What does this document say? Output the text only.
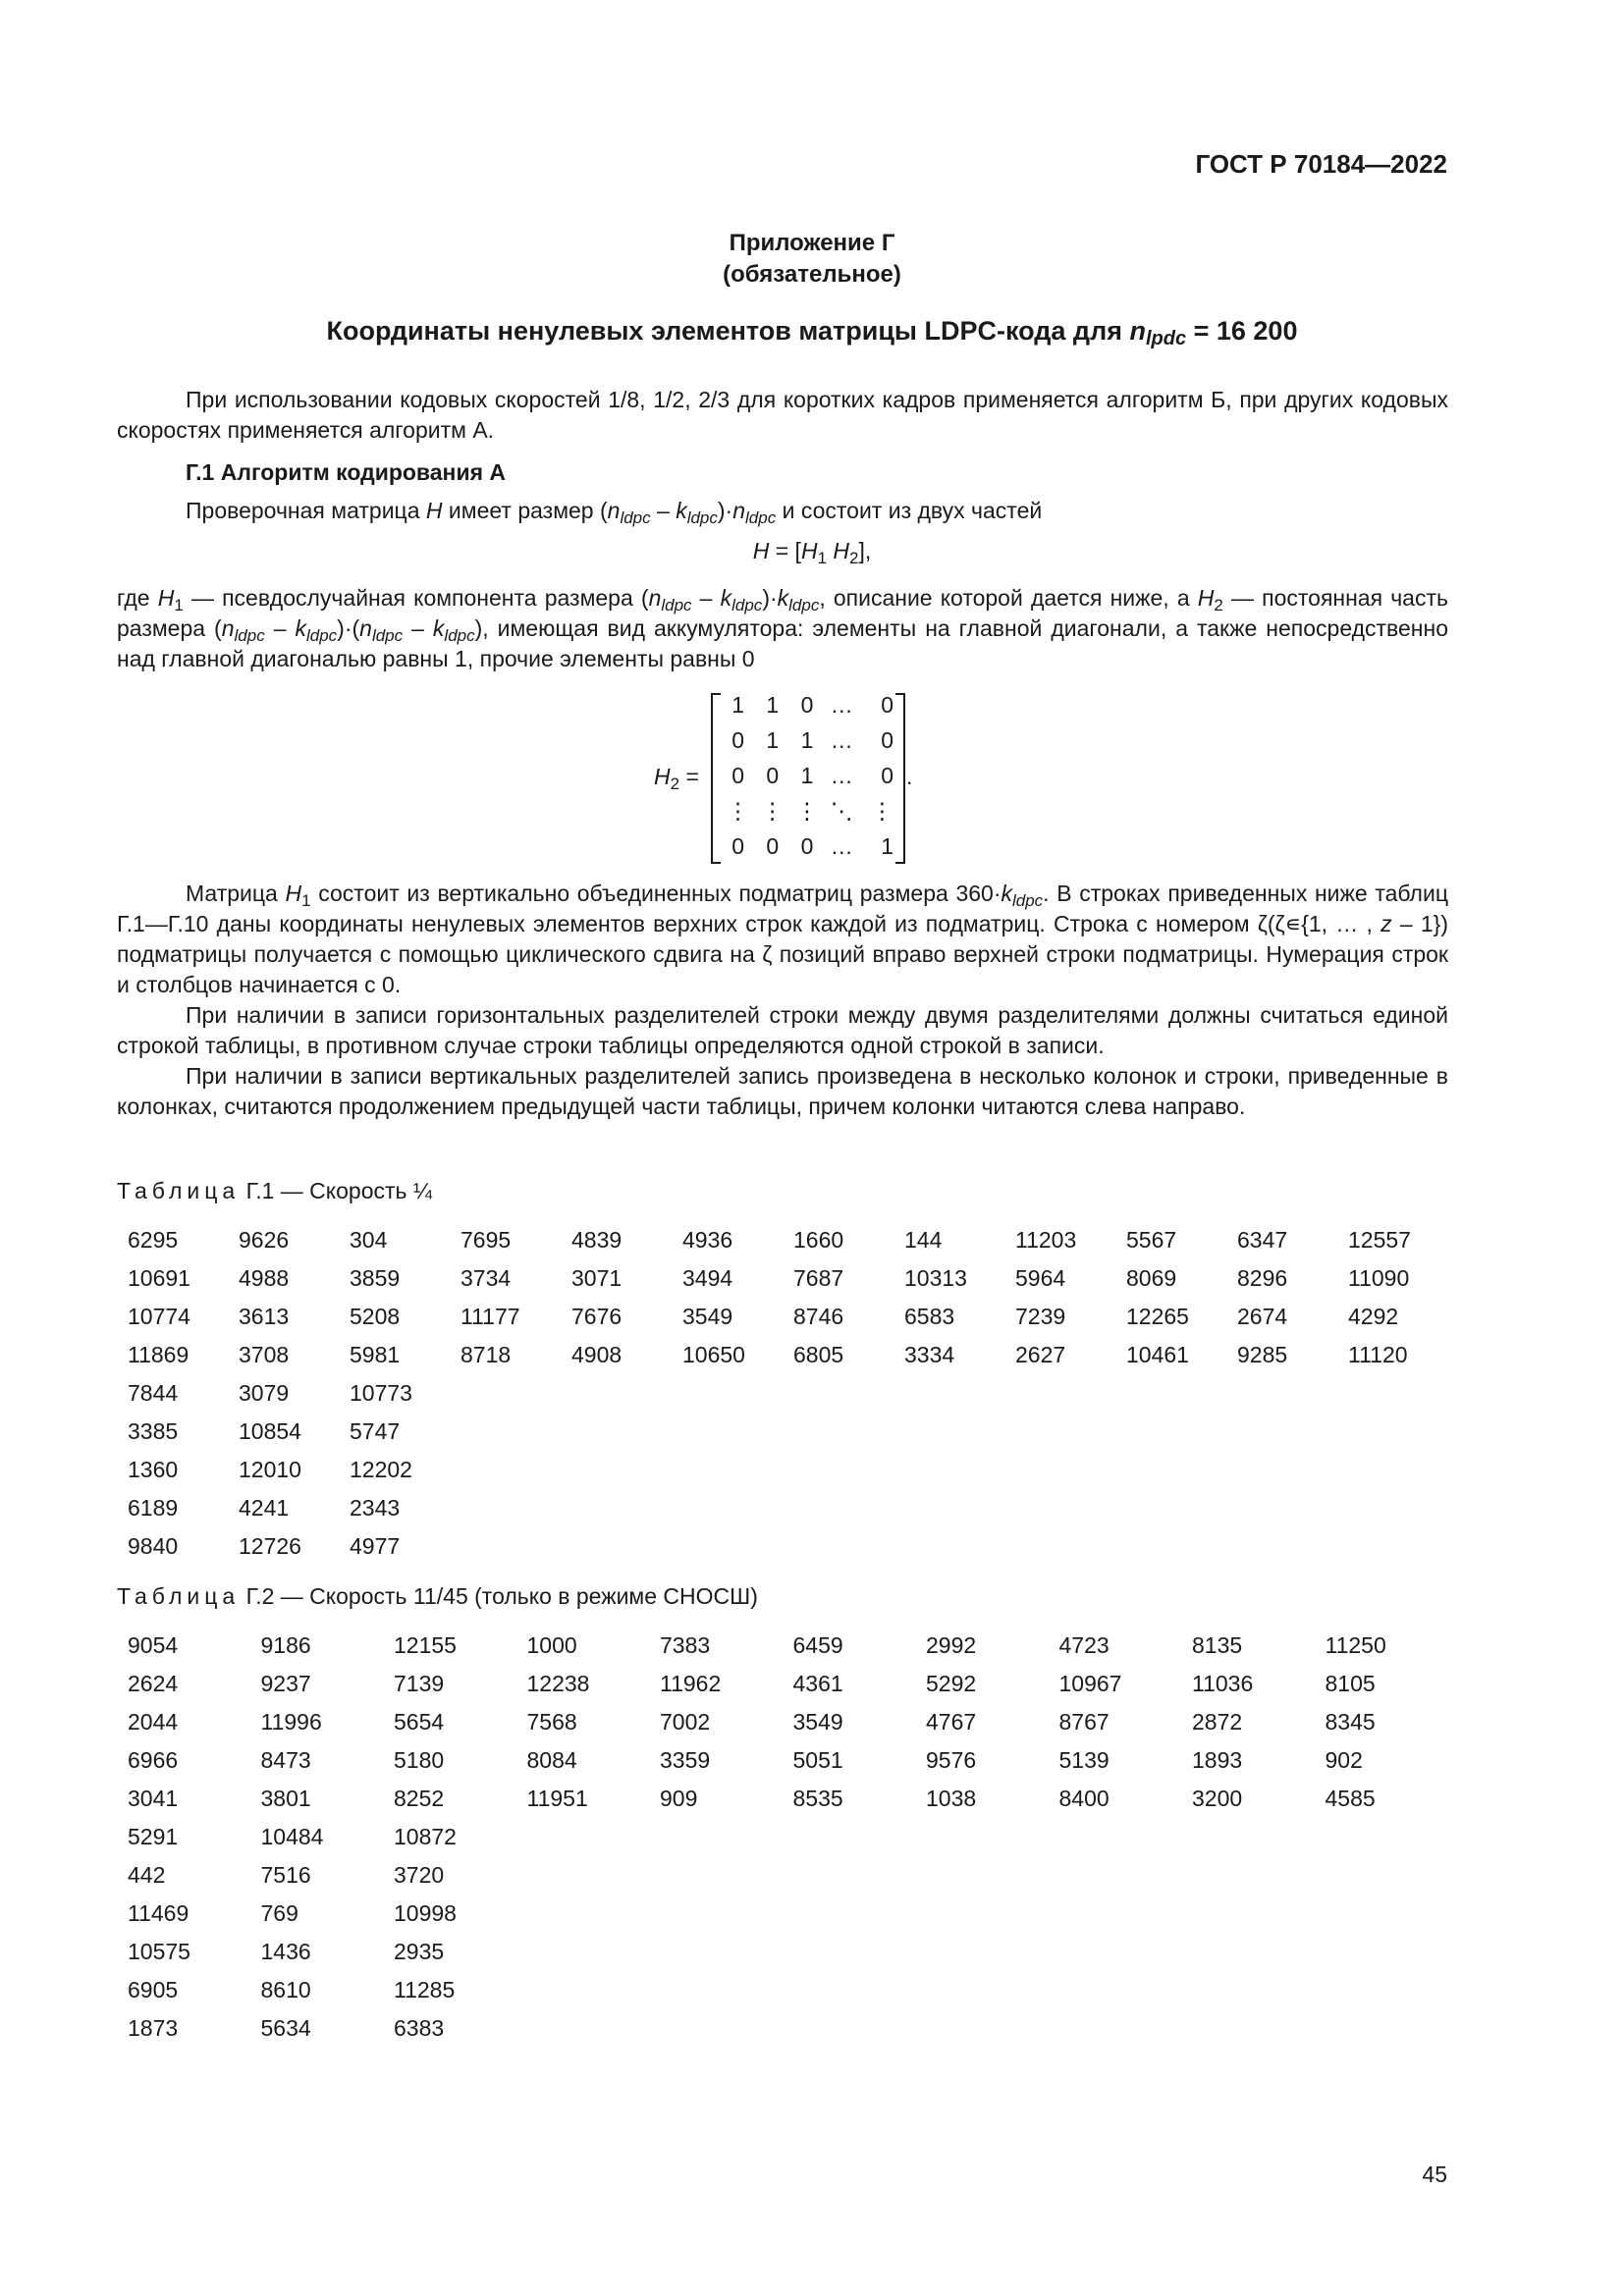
ГОСТ Р 70184—2022
Приложение Г
(обязательное)
Координаты ненулевых элементов матрицы LDPC-кода для $n_{lpdc} = 16$ 200

При использовании кодовых скоростей 1/8, 1/2, 2/3 для коротких кадров применяется алгоритм Б, при других кодовых скоростях применяется алгоритм А.

Г.1 Алгоритм кодирования А

Проверочная матрица H имеет размер $(n_{ldpc} - k_{ldpc})\cdot n_{ldpc}$ и состоит из двух частей

$H = [H_1$ $H_2$],

где $H_1$ — псевдослучайная компонента размера $(n_{ldpc} - k_{ldpc})\cdot k_{ldpc}$, описание которой дается ниже, а $H_2$ — постоянная часть размера $(n_{ldpc} - k_{ldpc})\cdot(n_{ldpc} - k_{ldpc})$, имеющая вид аккумулятора: элементы на главной диагонали, а также непосредственно над главной диагональю равны 1, прочие элементы равны 0

$H_2$ =
1 1 0 …	0
0 1 1 …	0
0 0 1 …	0
⋮ ⋮ ⋮ ⋱ ⋮
0 0 0 …	1
.

Матрица $H_1$ состоит из вертикально объединенных подматриц размера $360\cdot k_{ldpc}$. В строках приведенных ниже таблиц Г.1—Г.10 даны координаты ненулевых элементов верхних строк каждой из подматриц. Строка с номером ζ(ζ∊{1, … , z – 1}) подматрицы получается с помощью циклического сдвига на ζ позиций вправо верхней строки подматрицы. Нумерация строк и столбцов начинается с 0.

При наличии в записи горизонтальных разделителей строки между двумя разделителями должны считаться единой строкой таблицы, в противном случае строки таблицы определяются одной строкой в записи.

При наличии в записи вертикальных разделителей запись произведена в несколько колонок и строки, приведенные в колонках, считаются продолжением предыдущей части таблицы, причем колонки читаются слева направо.

Таблица Г.1 — Скорость ¼
6295	9626	304	7695	4839	4936	1660	144	11203	5567	6347	12557
10691	4988	3859	3734	3071	3494	7687	10313	5964	8069	8296	11090
10774	3613	5208	11177	7676	3549	8746	6583	7239	12265	2674	4292
11869	3708	5981	8718	4908	10650	6805	3334	2627	10461	9285	11120
7844	3079	10773
3385	10854	5747
1360	12010	12202
6189	4241	2343
9840	12726	4977
Таблица Г.2 — Скорость 11/45 (только в режиме СНОСШ)
9054	9186	12155	1000	7383	6459	2992	4723	8135	11250
2624	9237	7139	12238	11962	4361	5292	10967	11036	8105
2044	11996	5654	7568	7002	3549	4767	8767	2872	8345
6966	8473	5180	8084	3359	5051	9576	5139	1893	902
3041	3801	8252	11951	909	8535	1038	8400	3200	4585
5291	10484	10872
442	7516	3720
11469	769	10998
10575	1436	2935
6905	8610	11285
1873	5634	6383
45
